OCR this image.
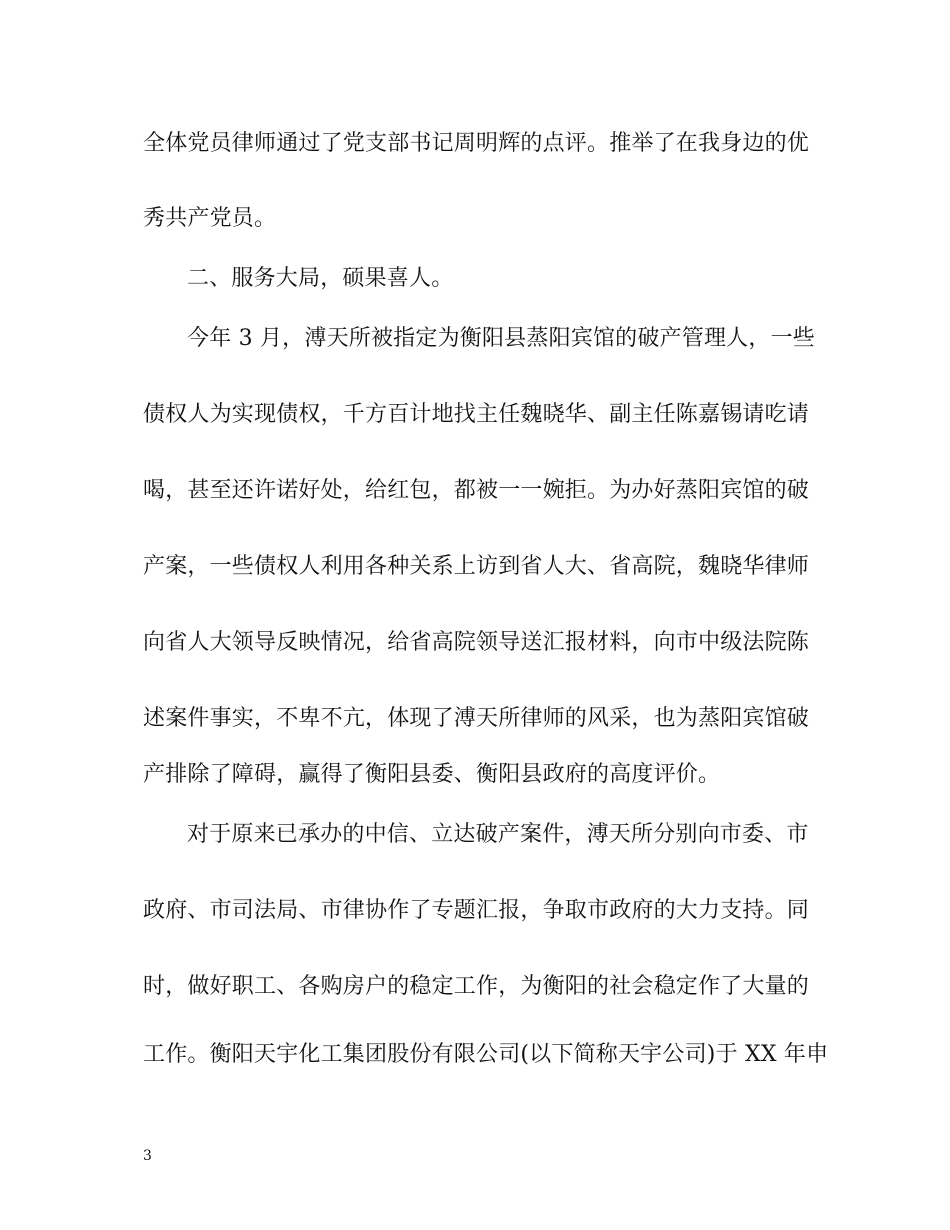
全体党员律师通过了党支部书记周明辉的点评。推举了在我身边的优
秀共产党员。
二、服务大局，硕果喜人。
今年 3 月，溥天所被指定为衡阳县蒸阳宾馆的破产管理人，一些
债权人为实现债权，千方百计地找主任魏晓华、副主任陈嘉锡请吃请
喝，甚至还许诺好处，给红包，都被一一婉拒。为办好蒸阳宾馆的破
产案，一些债权人利用各种关系上访到省人大、省高院，魏晓华律师
向省人大领导反映情况，给省高院领导送汇报材料，向市中级法院陈
述案件事实，不卑不亢，体现了溥天所律师的风采，也为蒸阳宾馆破
产排除了障碍，赢得了衡阳县委、衡阳县政府的高度评价。
对于原来已承办的中信、立达破产案件，溥天所分别向市委、市
政府、市司法局、市律协作了专题汇报，争取市政府的大力支持。同
时，做好职工、各购房户的稳定工作，为衡阳的社会稳定作了大量的
工作。衡阳天宇化工集团股份有限公司(以下简称天宇公司)于 XX 年申
3
